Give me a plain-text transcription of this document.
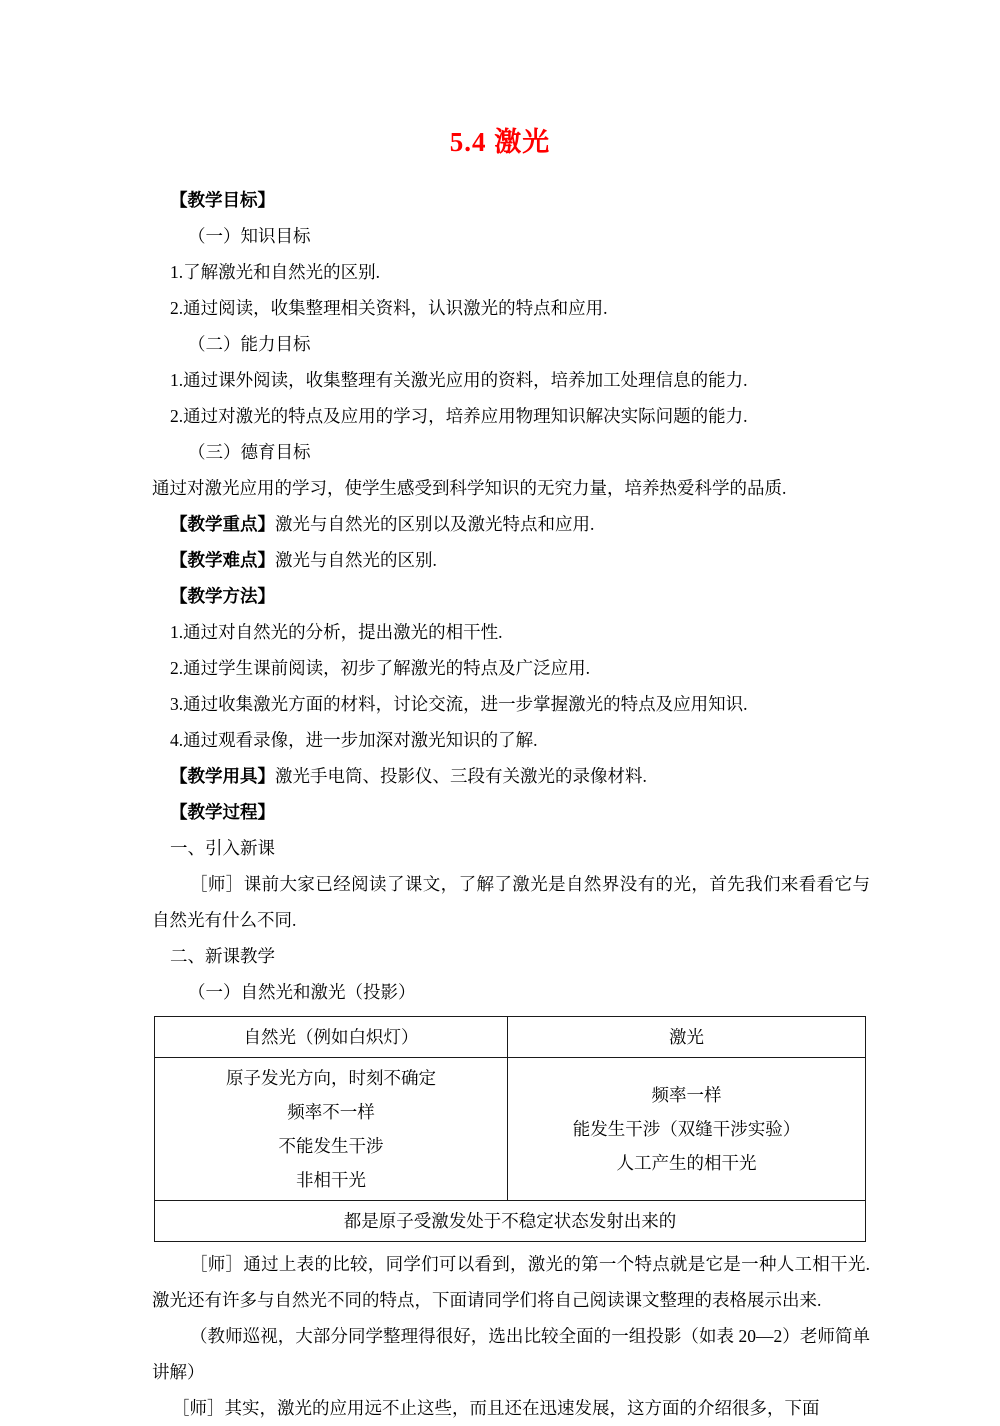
5.4 激光

【教学目标】

（一）知识目标

1.了解激光和自然光的区别.

2.通过阅读，收集整理相关资料，认识激光的特点和应用.

（二）能力目标

1.通过课外阅读，收集整理有关激光应用的资料，培养加工处理信息的能力.

2.通过对激光的特点及应用的学习，培养应用物理知识解决实际问题的能力.

（三）德育目标

通过对激光应用的学习，使学生感受到科学知识的无究力量，培养热爱科学的品质.

【教学重点】激光与自然光的区别以及激光特点和应用.

【教学难点】激光与自然光的区别.

【教学方法】

1.通过对自然光的分析，提出激光的相干性.

2.通过学生课前阅读，初步了解激光的特点及广泛应用.

3.通过收集激光方面的材料，讨论交流，进一步掌握激光的特点及应用知识.

4.通过观看录像，进一步加深对激光知识的了解.

【教学用具】激光手电筒、投影仪、三段有关激光的录像材料.

【教学过程】

一、引入新课

［师］课前大家已经阅读了课文，了解了激光是自然界没有的光，首先我们来看看它与自然光有什么不同.

二、新课教学

（一）自然光和激光（投影）

自然光（例如白炽灯）	激光

原子发光方向，时刻不确定
频率不一样
不能发生干涉
非相干光	频率一样
能发生干涉（双缝干涉实验）
人工产生的相干光

都是原子受激发处于不稳定状态发射出来的	

［师］通过上表的比较，同学们可以看到，激光的第一个特点就是它是一种人工相干光.激光还有许多与自然光不同的特点，下面请同学们将自己阅读课文整理的表格展示出来.

（教师巡视，大部分同学整理得很好，选出比较全面的一组投影（如表 20—2）老师简单讲解）

［师］其实，激光的应用远不止这些，而且还在迅速发展，这方面的介绍很多，下面
